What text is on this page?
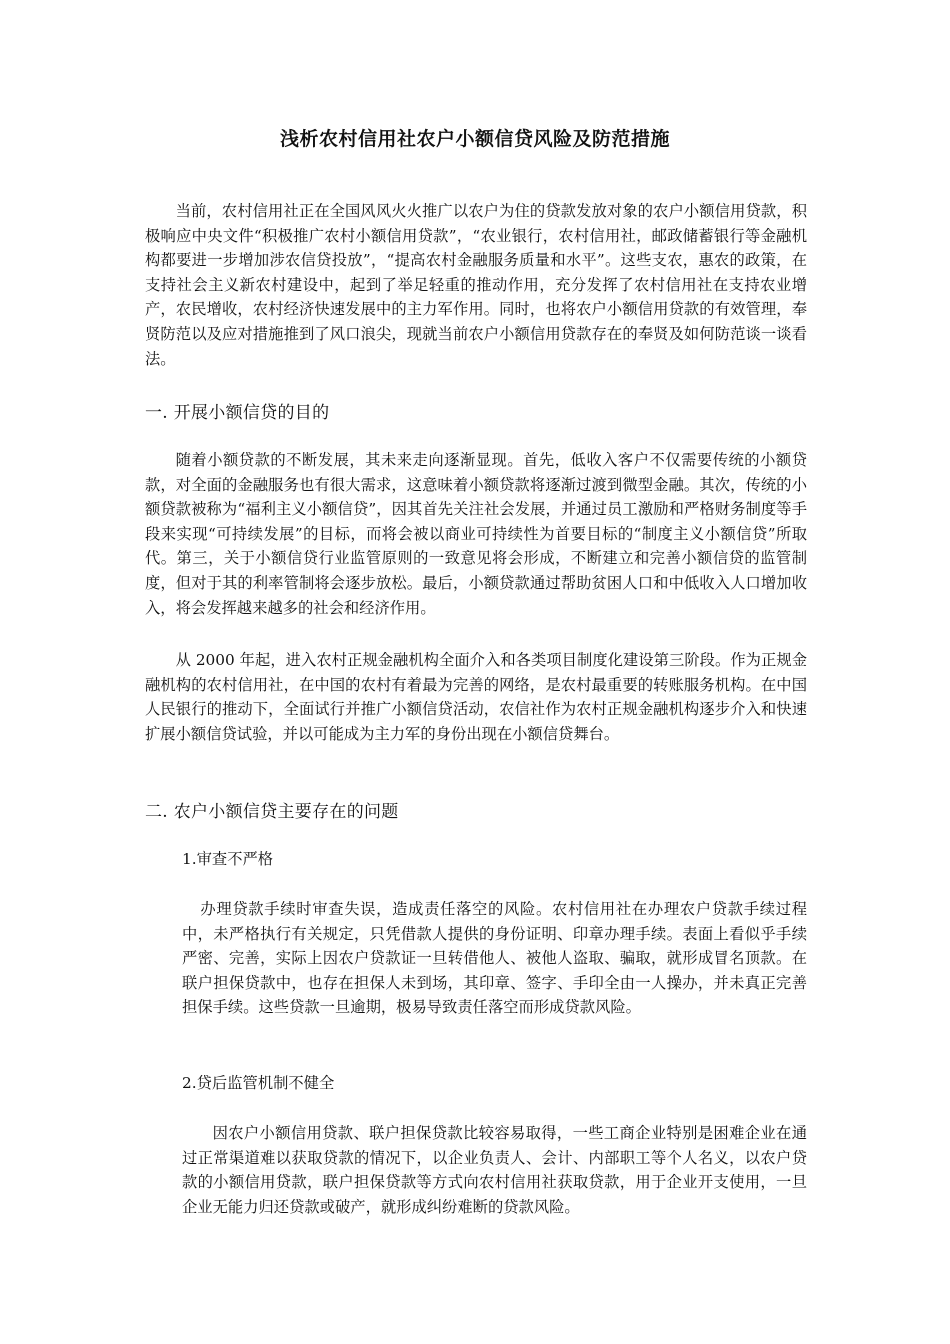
浅析农村信用社农户小额信贷风险及防范措施

当前，农村信用社正在全国风风火火推广以农户为住的贷款发放对象的农户小额信用贷款，积极响应中央文件“积极推广农村小额信用贷款”，“农业银行，农村信用社，邮政储蓄银行等金融机构都要进一步增加涉农信贷投放”，“提高农村金融服务质量和水平”。这些支农，惠农的政策，在支持社会主义新农村建设中，起到了举足轻重的推动作用，充分发挥了农村信用社在支持农业增产，农民增收，农村经济快速发展中的主力军作用。同时，也将农户小额信用贷款的有效管理，奉贤防范以及应对措施推到了风口浪尖，现就当前农户小额信用贷款存在的奉贤及如何防范谈一谈看法。

一. 开展小额信贷的目的

随着小额贷款的不断发展，其未来走向逐渐显现。首先，低收入客户不仅需要传统的小额贷款，对全面的金融服务也有很大需求，这意味着小额贷款将逐渐过渡到微型金融。其次，传统的小额贷款被称为“福利主义小额信贷”，因其首先关注社会发展，并通过员工激励和严格财务制度等手段来实现“可持续发展”的目标，而将会被以商业可持续性为首要目标的“制度主义小额信贷”所取代。第三，关于小额信贷行业监管原则的一致意见将会形成，不断建立和完善小额信贷的监管制度，但对于其的利率管制将会逐步放松。最后，小额贷款通过帮助贫困人口和中低收入人口增加收入，将会发挥越来越多的社会和经济作用。

从 2000 年起，进入农村正规金融机构全面介入和各类项目制度化建设第三阶段。作为正规金融机构的农村信用社，在中国的农村有着最为完善的网络，是农村最重要的转账服务机构。在中国人民银行的推动下，全面试行并推广小额信贷活动，农信社作为农村正规金融机构逐步介入和快速扩展小额信贷试验，并以可能成为主力军的身份出现在小额信贷舞台。

二. 农户小额信贷主要存在的问题
1.审查不严格

办理贷款手续时审查失误，造成责任落空的风险。农村信用社在办理农户贷款手续过程中，未严格执行有关规定，只凭借款人提供的身份证明、印章办理手续。表面上看似乎手续严密、完善，实际上因农户贷款证一旦转借他人、被他人盗取、骗取，就形成冒名顶款。在联户担保贷款中，也存在担保人未到场，其印章、签字、手印全由一人操办，并未真正完善担保手续。这些贷款一旦逾期，极易导致责任落空而形成贷款风险。

2.贷后监管机制不健全

因农户小额信用贷款、联户担保贷款比较容易取得，一些工商企业特别是困难企业在通过正常渠道难以获取贷款的情况下，以企业负责人、会计、内部职工等个人名义，以农户贷款的小额信用贷款，联户担保贷款等方式向农村信用社获取贷款，用于企业开支使用，一旦企业无能力归还贷款或破产，就形成纠纷难断的贷款风险。
